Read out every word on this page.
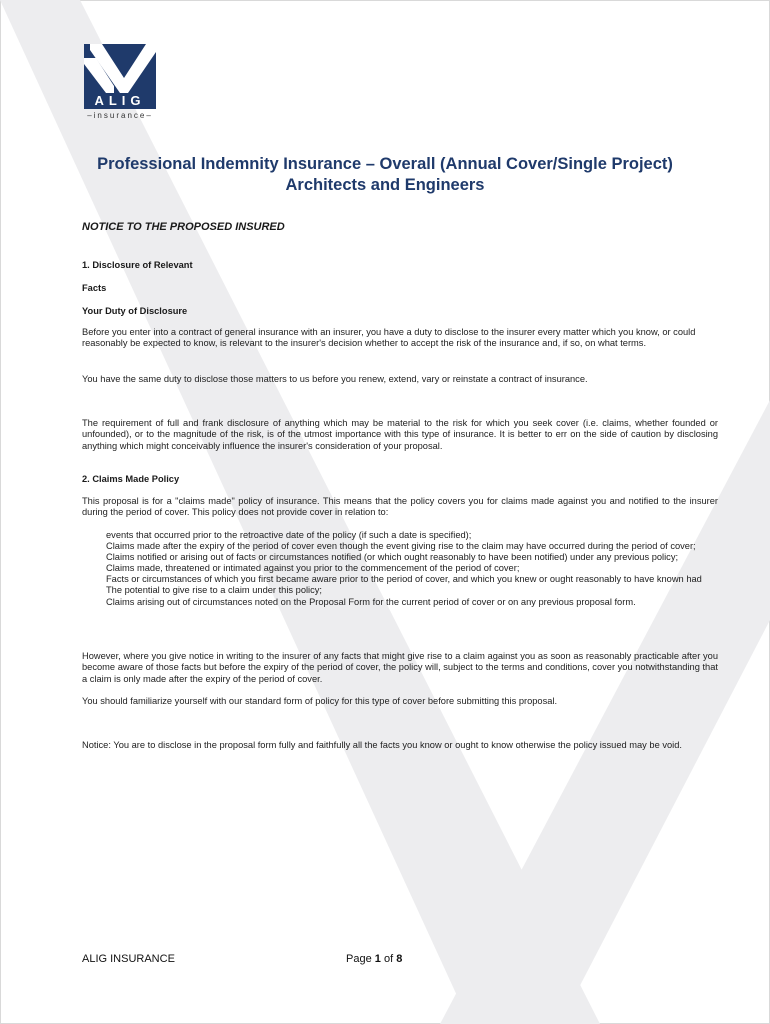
ALIG
–insurance–
Professional Indemnity Insurance – Overall (Annual Cover/Single Project)
Architects and Engineers
NOTICE TO THE PROPOSED INSURED
1. Disclosure of Relevant
Facts
Your Duty of Disclosure
Before you enter into a contract of general insurance with an insurer, you have a duty to disclose to the insurer every matter which you know, or could reasonably be expected to know, is relevant to the insurer's decision whether to accept the risk of the insurance and, if so, on what terms.
You have the same duty to disclose those matters to us before you renew, extend, vary or reinstate a contract of insurance.
The requirement of full and frank disclosure of anything which may be material to the risk for which you seek cover (i.e. claims, whether founded or unfounded), or to the magnitude of the risk, is of the utmost importance with this type of insurance. It is better to err on the side of caution by disclosing anything which might conceivably influence the insurer's consideration of your proposal.
2. Claims Made Policy
This proposal is for a "claims made" policy of insurance. This means that the policy covers you for claims made against you and notified to the insurer during the period of cover. This policy does not provide cover in relation to:
events that occurred prior to the retroactive date of the policy (if such a date is specified);
Claims made after the expiry of the period of cover even though the event giving rise to the claim may have occurred during the period of cover;
Claims notified or arising out of facts or circumstances notified (or which ought reasonably to have been notified) under any previous policy;
Claims made, threatened or intimated against you prior to the commencement of the period of cover;
Facts or circumstances of which you first became aware prior to the period of cover, and which you knew or ought reasonably to have known had
The potential to give rise to a claim under this policy;
Claims arising out of circumstances noted on the Proposal Form for the current period of cover or on any previous proposal form.
However, where you give notice in writing to the insurer of any facts that might give rise to a claim against you as soon as reasonably practicable after you become aware of those facts but before the expiry of the period of cover, the policy will, subject to the terms and conditions, cover you notwithstanding that a claim is only made after the expiry of the period of cover.
You should familiarize yourself with our standard form of policy for this type of cover before submitting this proposal.
Notice: You are to disclose in the proposal form fully and faithfully all the facts you know or ought to know otherwise the policy issued may be void.
ALIG INSURANCE	Page 1 of 8
